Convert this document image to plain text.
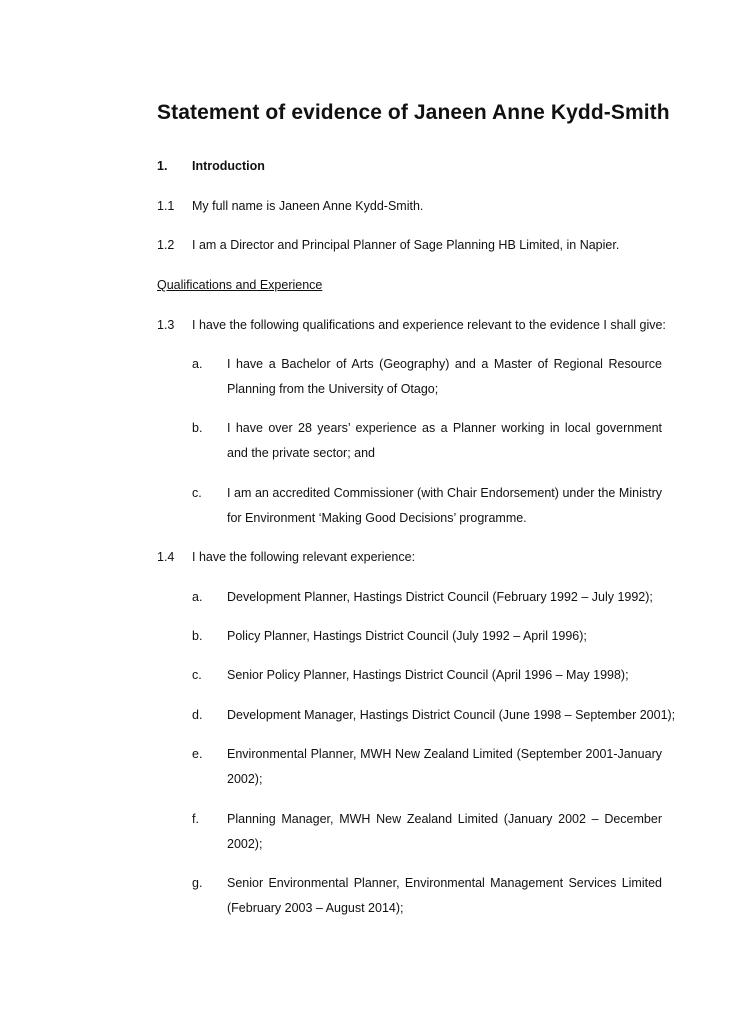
Statement of evidence of Janeen Anne Kydd-Smith
1. Introduction
1.1 My full name is Janeen Anne Kydd-Smith.
1.2 I am a Director and Principal Planner of Sage Planning HB Limited, in Napier.
Qualifications and Experience
1.3 I have the following qualifications and experience relevant to the evidence I shall give:
a. I have a Bachelor of Arts (Geography) and a Master of Regional Resource Planning from the University of Otago;
b. I have over 28 years’ experience as a Planner working in local government and the private sector; and
c. I am an accredited Commissioner (with Chair Endorsement) under the Ministry for Environment ‘Making Good Decisions’ programme.
1.4 I have the following relevant experience:
a. Development Planner, Hastings District Council (February 1992 – July 1992);
b. Policy Planner, Hastings District Council (July 1992 – April 1996);
c. Senior Policy Planner, Hastings District Council (April 1996 – May 1998);
d. Development Manager, Hastings District Council (June 1998 – September 2001);
e. Environmental Planner, MWH New Zealand Limited (September 2001-January 2002);
f. Planning Manager, MWH New Zealand Limited (January 2002 – December 2002);
g. Senior Environmental Planner, Environmental Management Services Limited (February 2003 – August 2014);
